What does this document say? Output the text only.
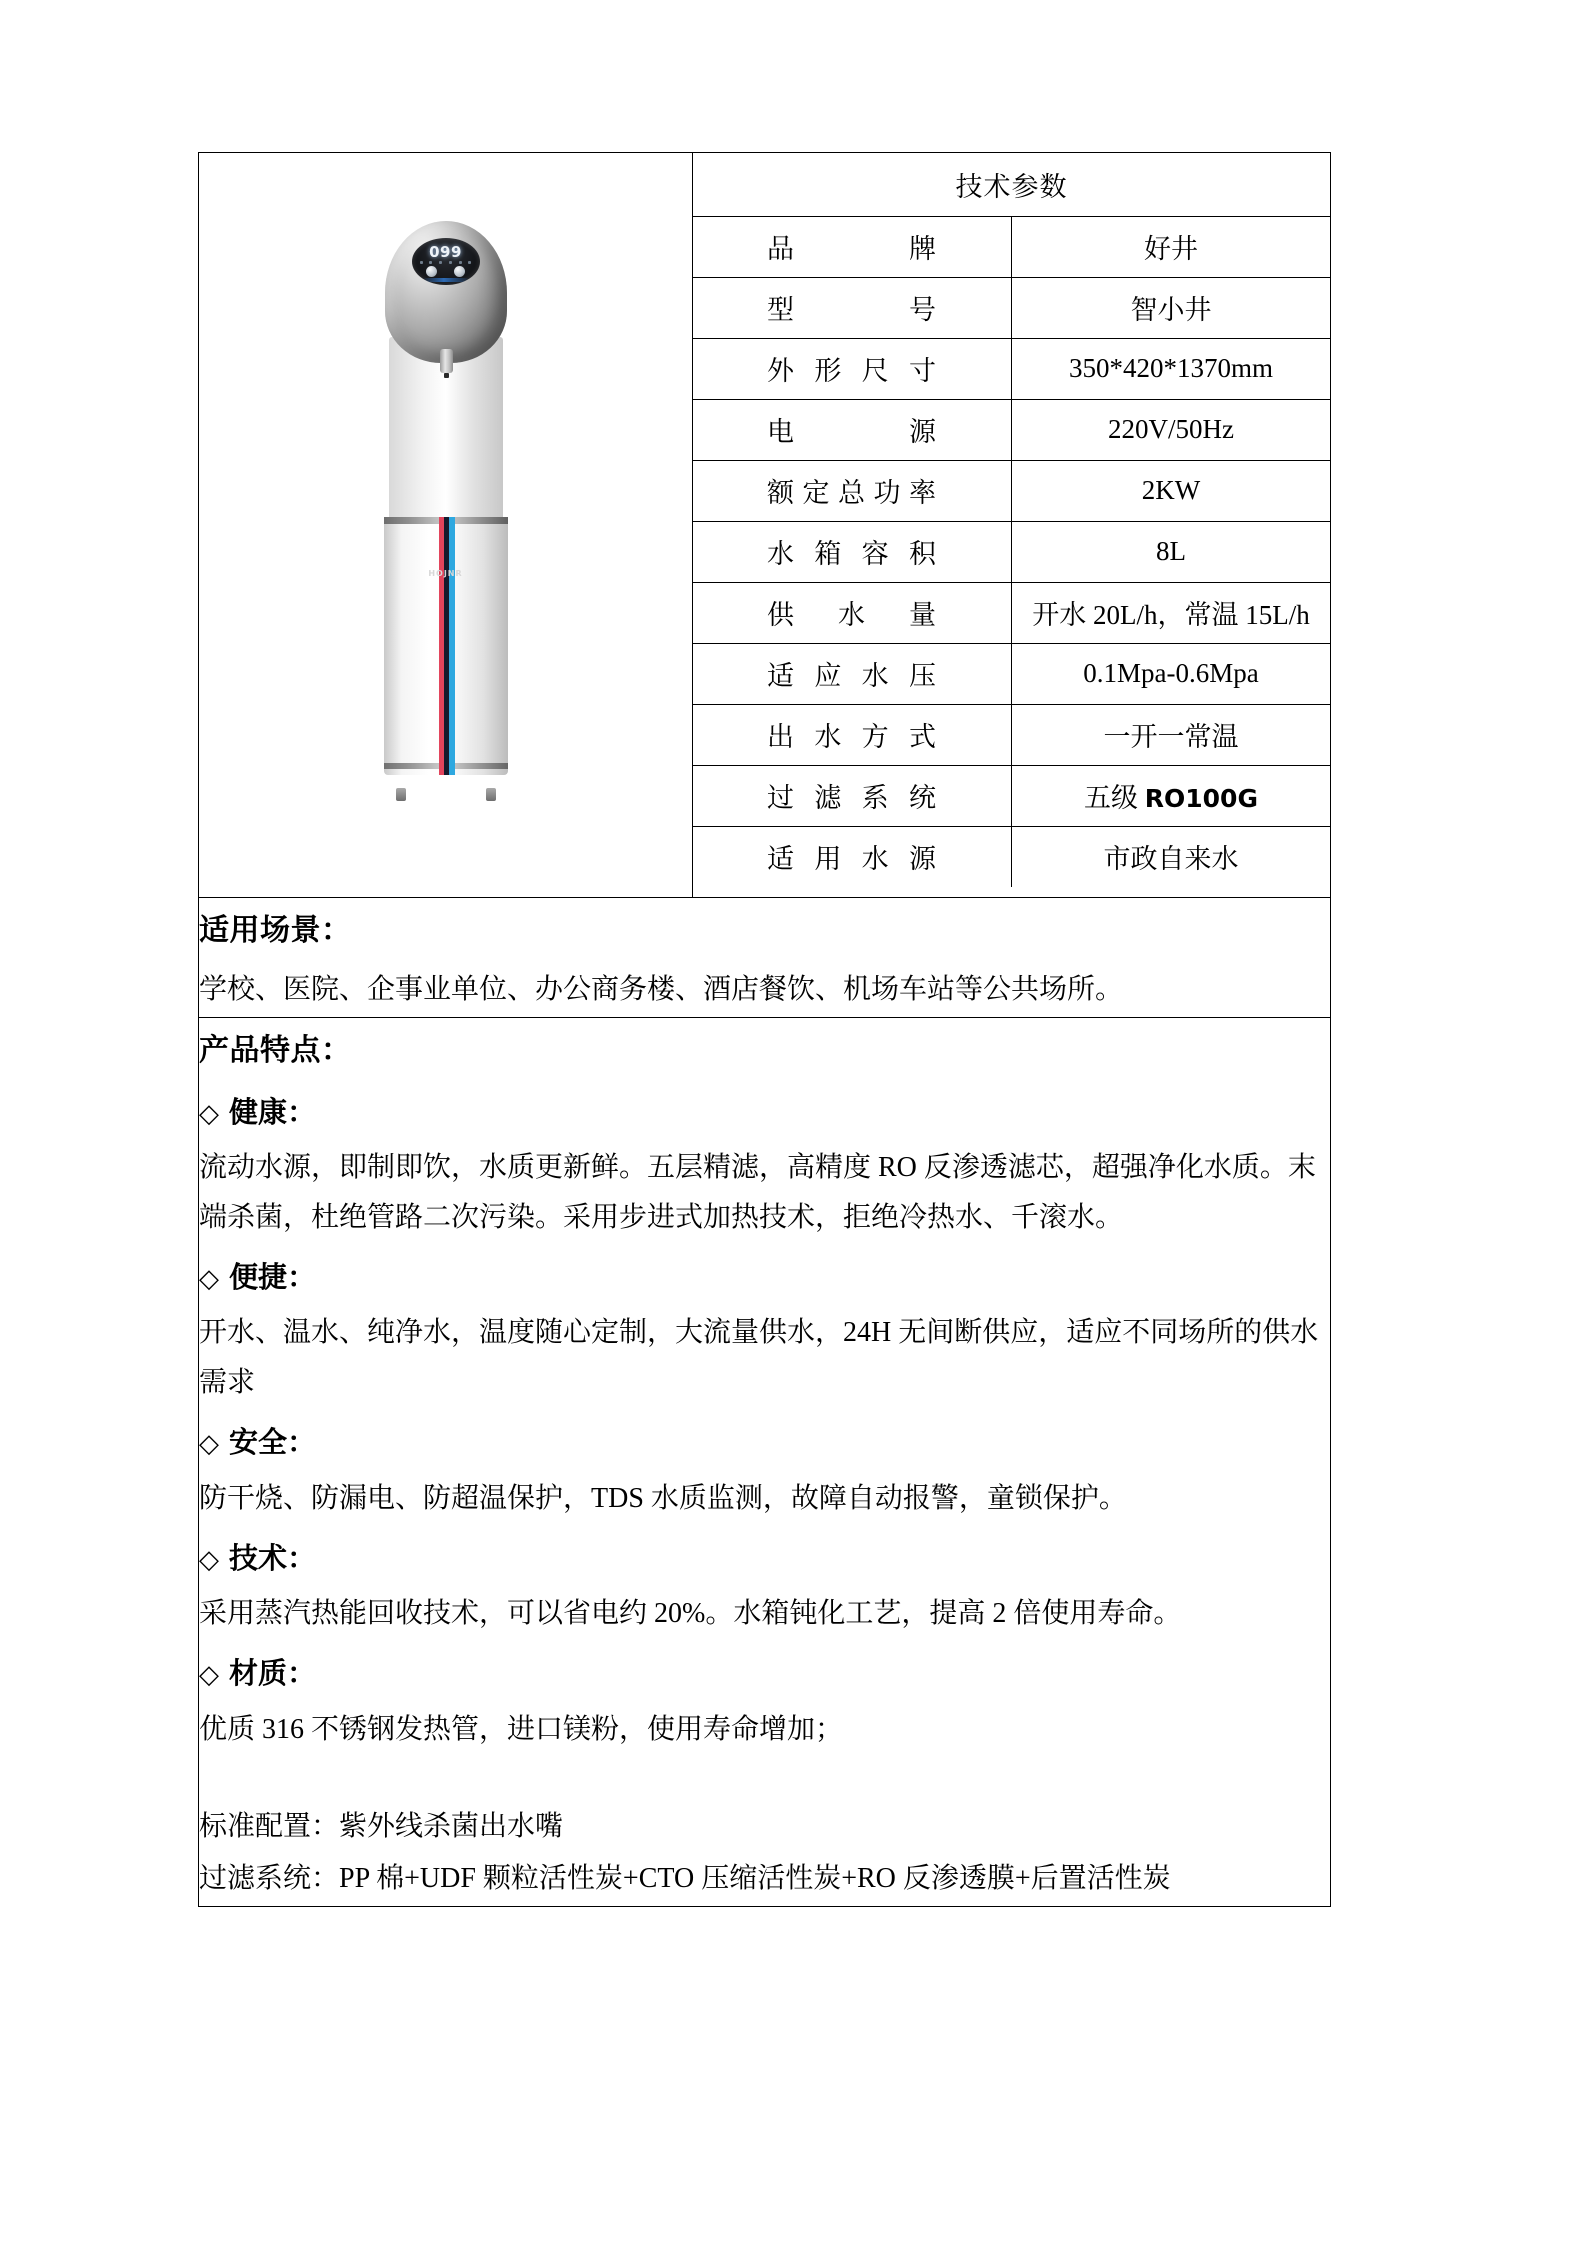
099
HOJNR

技术参数
品 牌	好井
型 号	智小井
外 形 尺 寸	350*420*1370mm
电 源	220V/50Hz
额定总功率	2KW
水 箱 容 积	8L
供 水 量	开水 20L/h，常温 15L/h
适 应 水 压	0.1Mpa-0.6Mpa
出 水 方 式	一开一常温
过 滤 系 统	五级 RO100G
适 用 水 源	市政自来水

适用场景：

学校、医院、企事业单位、办公商务楼、酒店餐饮、机场车站等公共场所。

产品特点：
◇ 健康：

流动水源，即制即饮，水质更新鲜。五层精滤，高精度 RO 反渗透滤芯，超强净化水质。末端杀菌，杜绝管路二次污染。采用步进式加热技术，拒绝冷热水、千滚水。

◇ 便捷：

开水、温水、纯净水，温度随心定制，大流量供水，24H 无间断供应，适应不同场所的供水需求

◇ 安全：

防干烧、防漏电、防超温保护，TDS 水质监测，故障自动报警，童锁保护。

◇ 技术：

采用蒸汽热能回收技术，可以省电约 20%。水箱钝化工艺，提高 2 倍使用寿命。

◇ 材质：

优质 316 不锈钢发热管，进口镁粉，使用寿命增加；

标准配置：紫外线杀菌出水嘴

过滤系统：PP 棉+UDF 颗粒活性炭+CTO 压缩活性炭+RO 反渗透膜+后置活性炭
